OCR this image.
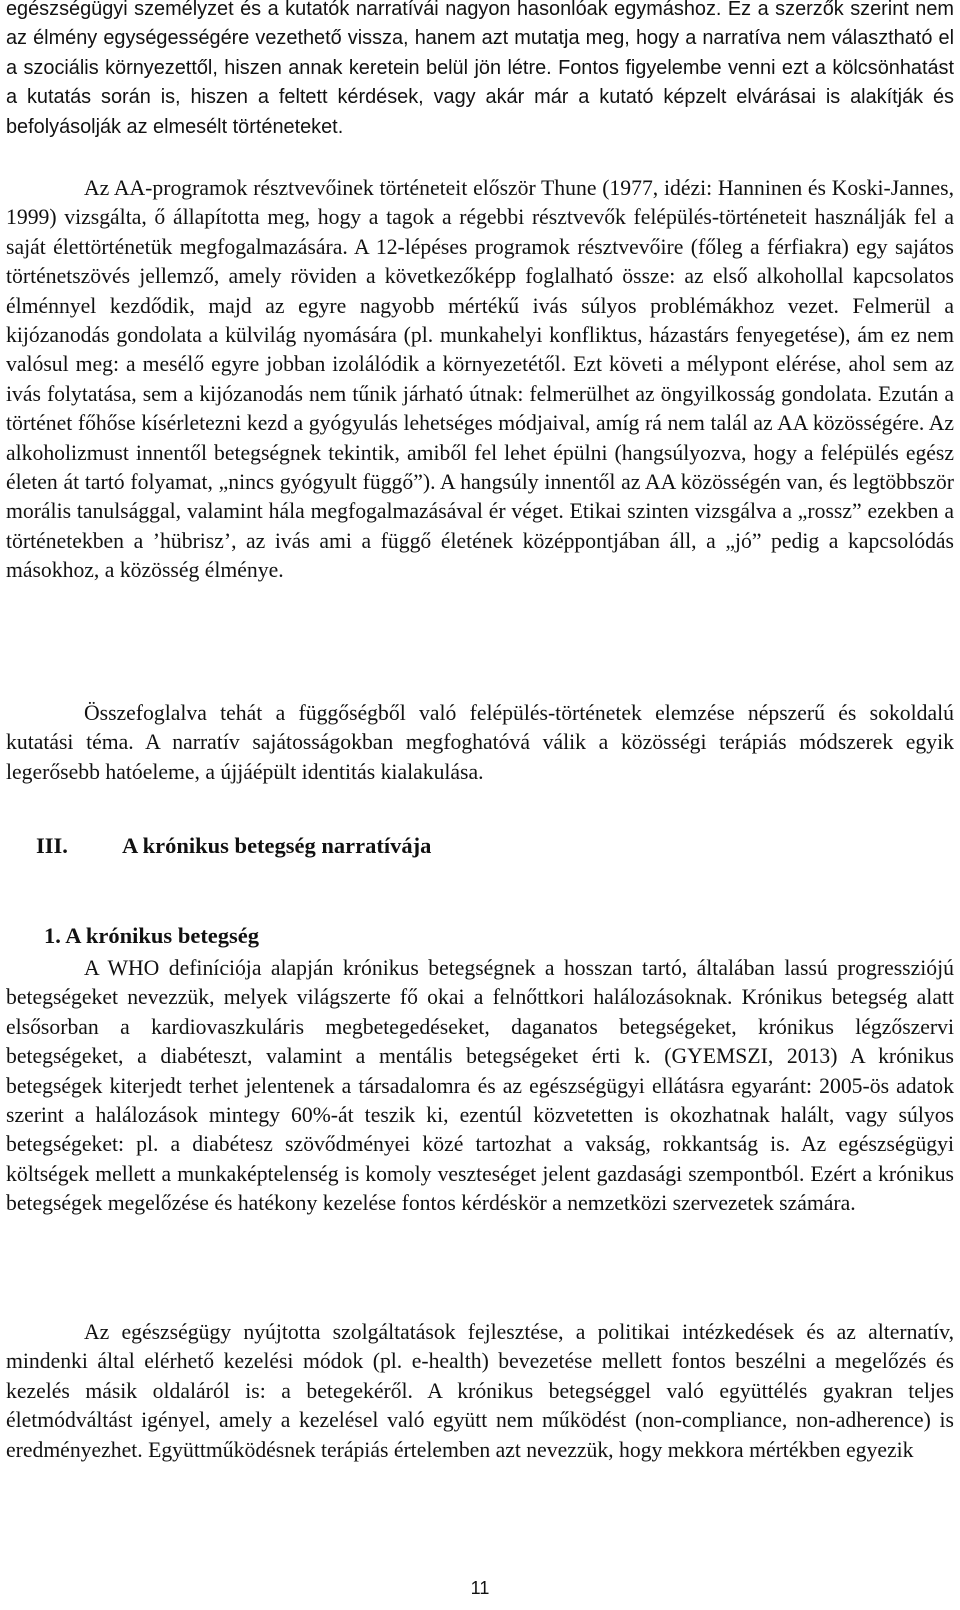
egészségügyi személyzet és a kutatók narratívái nagyon hasonlóak egymáshoz. Ez a szerzők szerint nem az élmény egységességére vezethető vissza, hanem azt mutatja meg, hogy a narratíva nem választható el a szociális környezettől, hiszen annak keretein belül jön létre. Fontos figyelembe venni ezt a kölcsönhatást a kutatás során is, hiszen a feltett kérdések, vagy akár már a kutató képzelt elvárásai is alakítják és befolyásolják az elmesélt történeteket.

Az AA-programok résztvevőinek történeteit először Thune (1977, idézi: Hanninen és Koski-Jannes, 1999) vizsgálta, ő állapította meg, hogy a tagok a régebbi résztvevők felépülés-történeteit használják fel a saját élettörténetük megfogalmazására. A 12-lépéses programok résztvevőire (főleg a férfiakra) egy sajátos történetszövés jellemző, amely röviden a következőképp foglalható össze: az első alkohollal kapcsolatos élménnyel kezdődik, majd az egyre nagyobb mértékű ivás súlyos problémákhoz vezet. Felmerül a kijózanodás gondolata a külvilág nyomására (pl. munkahelyi konfliktus, házastárs fenyegetése), ám ez nem valósul meg: a mesélő egyre jobban izolálódik a környezetétől. Ezt követi a mélypont elérése, ahol sem az ivás folytatása, sem a kijózanodás nem tűnik járható útnak: felmerülhet az öngyilkosság gondolata. Ezután a történet főhőse kísérletezni kezd a gyógyulás lehetséges módjaival, amíg rá nem talál az AA közösségére. Az alkoholizmust innentől betegségnek tekintik, amiből fel lehet épülni (hangsúlyozva, hogy a felépülés egész életen át tartó folyamat, „nincs gyógyult függő”). A hangsúly innentől az AA közösségén van, és legtöbbször morális tanulsággal, valamint hála megfogalmazásával ér véget. Etikai szinten vizsgálva a „rossz” ezekben a történetekben a ’hübrisz’, az ivás ami a függő életének középpontjában áll, a „jó” pedig a kapcsolódás másokhoz, a közösség élménye.

Összefoglalva tehát a függőségből való felépülés-történetek elemzése népszerű és sokoldalú kutatási téma. A narratív sajátosságokban megfoghatóvá válik a közösségi terápiás módszerek egyik legerősebb hatóeleme, a újjáépült identitás kialakulása.

III. A krónikus betegség narratívája
1. A krónikus betegség

A WHO definíciója alapján krónikus betegségnek a hosszan tartó, általában lassú progressziójú betegségeket nevezzük, melyek világszerte fő okai a felnőttkori halálozásoknak. Krónikus betegség alatt elsősorban a kardiovaszkuláris megbetegedéseket, daganatos betegségeket, krónikus légzőszervi betegségeket, a diabéteszt, valamint a mentális betegségeket érti k. (GYEMSZI, 2013) A krónikus betegségek kiterjedt terhet jelentenek a társadalomra és az egészségügyi ellátásra egyaránt: 2005-ös adatok szerint a halálozások mintegy 60%-át teszik ki, ezentúl közvetetten is okozhatnak halált, vagy súlyos betegségeket: pl. a diabétesz szövődményei közé tartozhat a vakság, rokkantság is. Az egészségügyi költségek mellett a munkaképtelenség is komoly veszteséget jelent gazdasági szempontból. Ezért a krónikus betegségek megelőzése és hatékony kezelése fontos kérdéskör a nemzetközi szervezetek számára.

Az egészségügy nyújtotta szolgáltatások fejlesztése, a politikai intézkedések és az alternatív, mindenki által elérhető kezelési módok (pl. e-health) bevezetése mellett fontos beszélni a megelőzés és kezelés másik oldaláról is: a betegekéről. A krónikus betegséggel való együttélés gyakran teljes életmódváltást igényel, amely a kezelésel való együtt nem működést (non-compliance, non-adherence) is eredményezhet. Együttműködésnek terápiás értelemben azt nevezzük, hogy mekkora mértékben egyezik

11
